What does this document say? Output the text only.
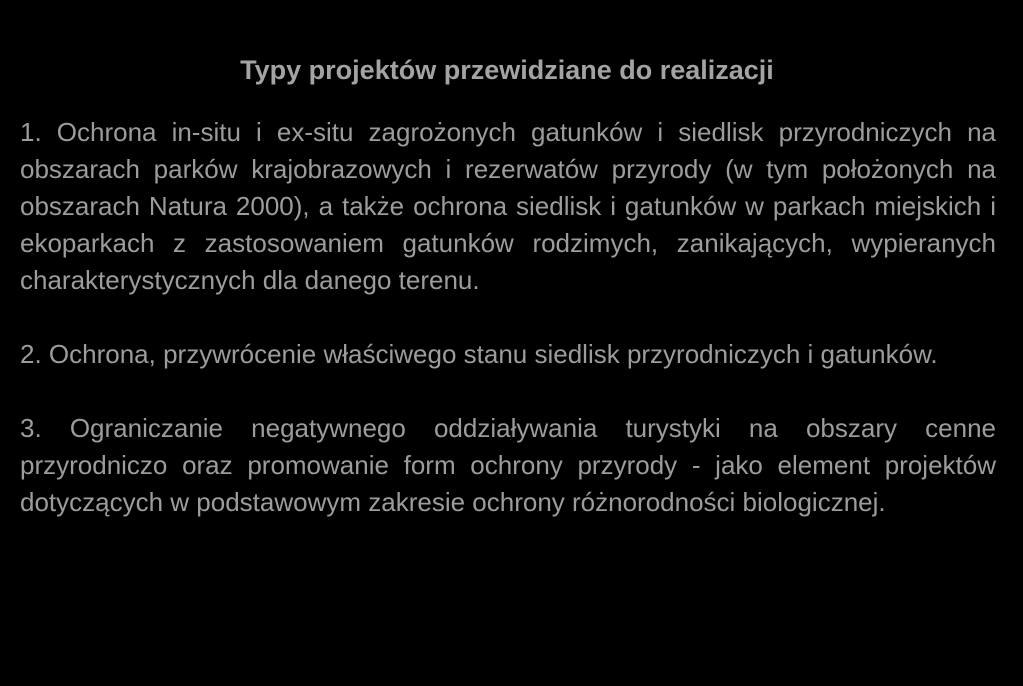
Typy projektów przewidziane do realizacji

1. Ochrona in-situ i ex-situ zagrożonych gatunków i siedlisk przyrodniczych na obszarach parków krajobrazowych i rezerwatów przyrody (w tym położonych na obszarach Natura 2000), a także ochrona siedlisk i gatunków w parkach miejskich i ekoparkach z zastosowaniem gatunków rodzimych, zanikających, wypieranych charakterystycznych dla danego terenu.

2. Ochrona, przywrócenie właściwego stanu siedlisk przyrodniczych i gatunków.

3. Ograniczanie negatywnego oddziaływania turystyki na obszary cenne przyrodniczo oraz promowanie form ochrony przyrody - jako element projektów dotyczących w podstawowym zakresie ochrony różnorodności biologicznej.
